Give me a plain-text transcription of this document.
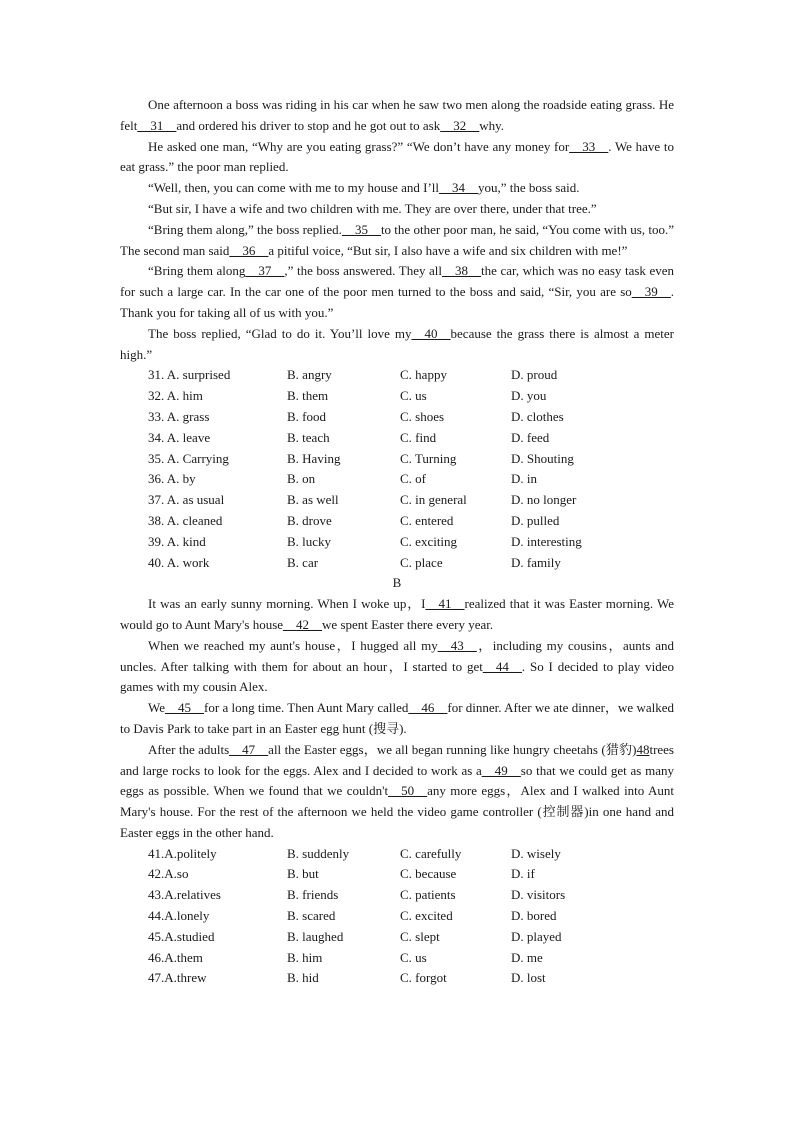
One afternoon a boss was riding in his car when he saw two men along the roadside eating grass. He felt__31__and ordered his driver to stop and he got out to ask__32__why.

He asked one man, “Why are you eating grass?” “We don’t have any money for__33__. We have to eat grass.” the poor man replied.

“Well, then, you can come with me to my house and I’ll__34__you,” the boss said.

“But sir, I have a wife and two children with me. They are over there, under that tree.”

“Bring them along,” the boss replied.__35__to the other poor man, he said, “You come with us, too.” The second man said__36__a pitiful voice, “But sir, I also have a wife and six children with me!”

“Bring them along__37__,” the boss answered. They all__38__the car, which was no easy task even for such a large car. In the car one of the poor men turned to the boss and said, “Sir, you are so__39__. Thank you for taking all of us with you.”

The boss replied, “Glad to do it. You’ll love my__40__because the grass there is almost a meter high.”

31. A. surprised	B. angry	C. happy	D. proud
32. A. him	B. them	C. us	D. you
33. A. grass	B. food	C. shoes	D. clothes
34. A. leave	B. teach	C. find	D. feed
35. A. Carrying	B. Having	C. Turning	D. Shouting
36. A. by	B. on	C. of	D. in
37. A. as usual	B. as well	C. in general	D. no longer
38. A. cleaned	B. drove	C. entered	D. pulled
39. A. kind	B. lucky	C. exciting	D. interesting
40. A. work	B. car	C. place	D. family

B

It was an early sunny morning. When I woke up，I__41__realized that it was Easter morning. We would go to Aunt Mary's house__42__we spent Easter there every year.

When we reached my aunt's house，I hugged all my__43__，including my cousins，aunts and uncles. After talking with them for about an hour，I started to get__44__. So I decided to play video games with my cousin Alex.

We__45__for a long time. Then Aunt Mary called__46__for dinner. After we ate dinner，we walked to Davis Park to take part in an Easter egg hunt (搜寻).

After the adults__47__all the Easter eggs，we all began running like hungry cheetahs (猎豹)48trees and large rocks to look for the eggs. Alex and I decided to work as a__49__so that we could get as many eggs as possible. When we found that we couldn't__50__any more eggs，Alex and I walked into Aunt Mary's house. For the rest of the afternoon we held the video game controller (控制器)in one hand and Easter eggs in the other hand.

41.A.politely	B. suddenly	C. carefully	D. wisely
42.A.so	B. but	C. because	D. if
43.A.relatives	B. friends	C. patients	D. visitors
44.A.lonely	B. scared	C. excited	D. bored
45.A.studied	B. laughed	C. slept	D. played
46.A.them	B. him	C. us	D. me
47.A.threw	B. hid	C. forgot	D. lost
